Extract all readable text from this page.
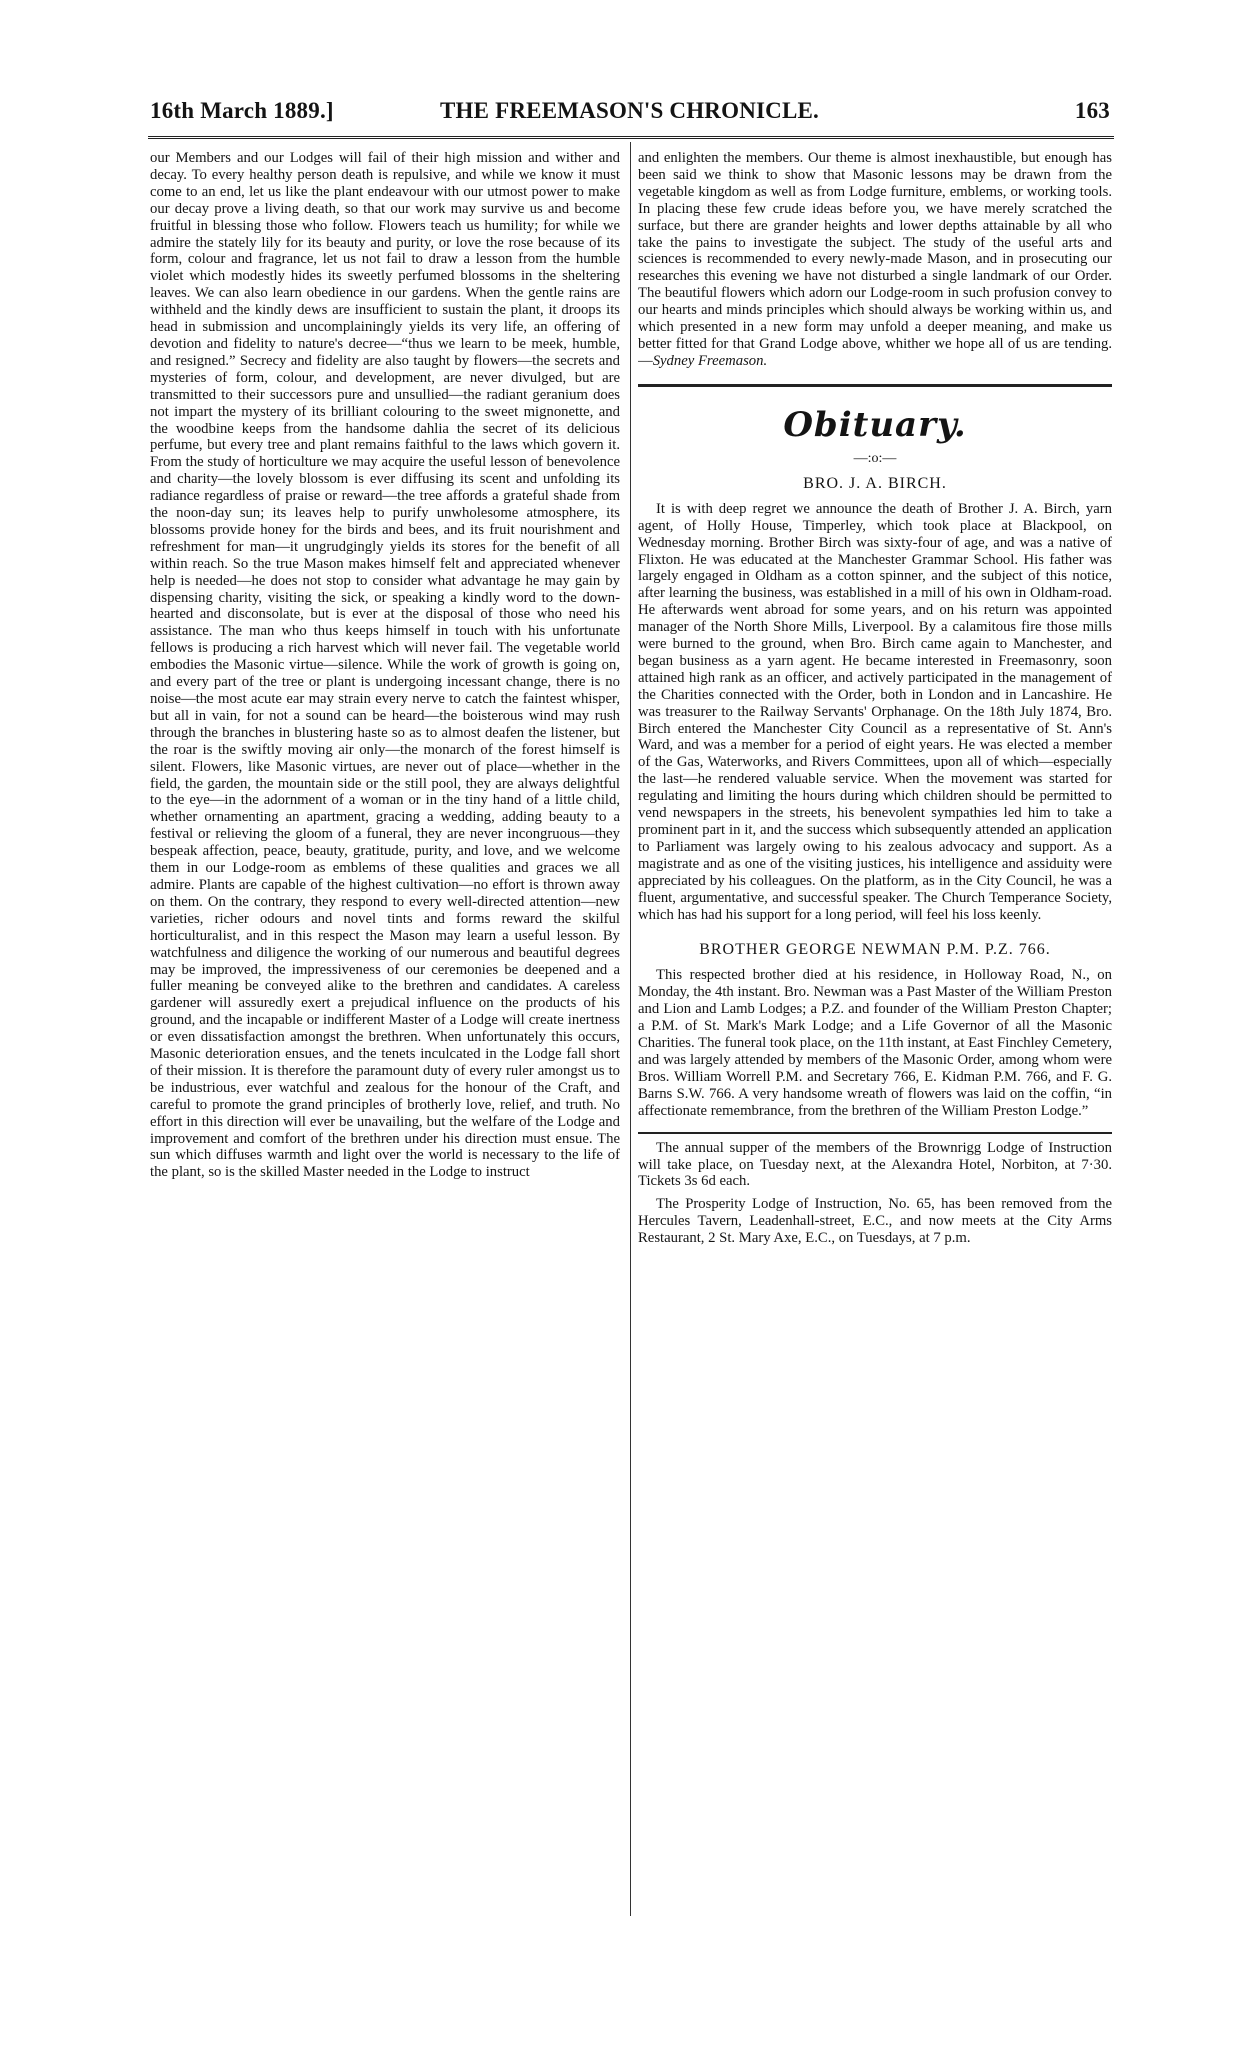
16th March 1889.]	THE FREEMASON'S CHRONICLE.	163

our Members and our Lodges will fail of their high mission and wither and decay. To every healthy person death is repulsive, and while we know it must come to an end, let us like the plant endeavour with our utmost power to make our decay prove a living death, so that our work may survive us and become fruitful in blessing those who follow. Flowers teach us humility; for while we admire the stately lily for its beauty and purity, or love the rose because of its form, colour and fragrance, let us not fail to draw a lesson from the humble violet which modestly hides its sweetly perfumed blossoms in the sheltering leaves. We can also learn obedience in our gardens. When the gentle rains are withheld and the kindly dews are insufficient to sustain the plant, it droops its head in submission and uncomplainingly yields its very life, an offering of devotion and fidelity to nature's decree—“thus we learn to be meek, humble, and resigned.” Secrecy and fidelity are also taught by flowers—the secrets and mysteries of form, colour, and development, are never divulged, but are transmitted to their successors pure and unsullied—the radiant geranium does not impart the mystery of its brilliant colouring to the sweet mignonette, and the woodbine keeps from the handsome dahlia the secret of its delicious perfume, but every tree and plant remains faithful to the laws which govern it. From the study of horticulture we may acquire the useful lesson of benevolence and charity—the lovely blossom is ever diffusing its scent and unfolding its radiance regardless of praise or reward—the tree affords a grateful shade from the noon-day sun; its leaves help to purify unwholesome atmosphere, its blossoms provide honey for the birds and bees, and its fruit nourishment and refreshment for man—it ungrudgingly yields its stores for the benefit of all within reach. So the true Mason makes himself felt and appreciated whenever help is needed—he does not stop to consider what advantage he may gain by dispensing charity, visiting the sick, or speaking a kindly word to the down-hearted and disconsolate, but is ever at the disposal of those who need his assistance. The man who thus keeps himself in touch with his unfortunate fellows is producing a rich harvest which will never fail. The vegetable world embodies the Masonic virtue—silence. While the work of growth is going on, and every part of the tree or plant is undergoing incessant change, there is no noise—the most acute ear may strain every nerve to catch the faintest whisper, but all in vain, for not a sound can be heard—the boisterous wind may rush through the branches in blustering haste so as to almost deafen the listener, but the roar is the swiftly moving air only—the monarch of the forest himself is silent. Flowers, like Masonic virtues, are never out of place—whether in the field, the garden, the mountain side or the still pool, they are always delightful to the eye—in the adornment of a woman or in the tiny hand of a little child, whether ornamenting an apartment, gracing a wedding, adding beauty to a festival or relieving the gloom of a funeral, they are never incongruous—they bespeak affection, peace, beauty, gratitude, purity, and love, and we welcome them in our Lodge-room as emblems of these qualities and graces we all admire. Plants are capable of the highest cultivation—no effort is thrown away on them. On the contrary, they respond to every well-directed attention—new varieties, richer odours and novel tints and forms reward the skilful horticulturalist, and in this respect the Mason may learn a useful lesson. By watchfulness and diligence the working of our numerous and beautiful degrees may be improved, the impressiveness of our ceremonies be deepened and a fuller meaning be conveyed alike to the brethren and candidates. A careless gardener will assuredly exert a prejudical influence on the products of his ground, and the incapable or indifferent Master of a Lodge will create inertness or even dissatisfaction amongst the brethren. When unfortunately this occurs, Masonic deterioration ensues, and the tenets inculcated in the Lodge fall short of their mission. It is therefore the paramount duty of every ruler amongst us to be industrious, ever watchful and zealous for the honour of the Craft, and careful to promote the grand principles of brotherly love, relief, and truth. No effort in this direction will ever be unavailing, but the welfare of the Lodge and improvement and comfort of the brethren under his direction must ensue. The sun which diffuses warmth and light over the world is necessary to the life of the plant, so is the skilled Master needed in the Lodge to instruct

and enlighten the members. Our theme is almost inexhaustible, but enough has been said we think to show that Masonic lessons may be drawn from the vegetable kingdom as well as from Lodge furniture, emblems, or working tools. In placing these few crude ideas before you, we have merely scratched the surface, but there are grander heights and lower depths attainable by all who take the pains to investigate the subject. The study of the useful arts and sciences is recommended to every newly-made Mason, and in prosecuting our researches this evening we have not disturbed a single landmark of our Order. The beautiful flowers which adorn our Lodge-room in such profusion convey to our hearts and minds principles which should always be working within us, and which presented in a new form may unfold a deeper meaning, and make us better fitted for that Grand Lodge above, whither we hope all of us are tending.—Sydney Freemason.

Obituary.
—:o:—
BRO. J. A. BIRCH.

It is with deep regret we announce the death of Brother J. A. Birch, yarn agent, of Holly House, Timperley, which took place at Blackpool, on Wednesday morning. Brother Birch was sixty-four of age, and was a native of Flixton. He was educated at the Manchester Grammar School. His father was largely engaged in Oldham as a cotton spinner, and the subject of this notice, after learning the business, was established in a mill of his own in Oldham-road. He afterwards went abroad for some years, and on his return was appointed manager of the North Shore Mills, Liverpool. By a calamitous fire those mills were burned to the ground, when Bro. Birch came again to Manchester, and began business as a yarn agent. He became interested in Freemasonry, soon attained high rank as an officer, and actively participated in the management of the Charities connected with the Order, both in London and in Lancashire. He was treasurer to the Railway Servants' Orphanage. On the 18th July 1874, Bro. Birch entered the Manchester City Council as a representative of St. Ann's Ward, and was a member for a period of eight years. He was elected a member of the Gas, Waterworks, and Rivers Committees, upon all of which—especially the last—he rendered valuable service. When the movement was started for regulating and limiting the hours during which children should be permitted to vend newspapers in the streets, his benevolent sympathies led him to take a prominent part in it, and the success which subsequently attended an application to Parliament was largely owing to his zealous advocacy and support. As a magistrate and as one of the visiting justices, his intelligence and assiduity were appreciated by his colleagues. On the platform, as in the City Council, he was a fluent, argumentative, and successful speaker. The Church Temperance Society, which has had his support for a long period, will feel his loss keenly.

BROTHER GEORGE NEWMAN P.M. P.Z. 766.

This respected brother died at his residence, in Holloway Road, N., on Monday, the 4th instant. Bro. Newman was a Past Master of the William Preston and Lion and Lamb Lodges; a P.Z. and founder of the William Preston Chapter; a P.M. of St. Mark's Mark Lodge; and a Life Governor of all the Masonic Charities. The funeral took place, on the 11th instant, at East Finchley Cemetery, and was largely attended by members of the Masonic Order, among whom were Bros. William Worrell P.M. and Secretary 766, E. Kidman P.M. 766, and F. G. Barns S.W. 766. A very handsome wreath of flowers was laid on the coffin, “in affectionate remembrance, from the brethren of the William Preston Lodge.”

The annual supper of the members of the Brownrigg Lodge of Instruction will take place, on Tuesday next, at the Alexandra Hotel, Norbiton, at 7·30. Tickets 3s 6d each.

The Prosperity Lodge of Instruction, No. 65, has been removed from the Hercules Tavern, Leadenhall-street, E.C., and now meets at the City Arms Restaurant, 2 St. Mary Axe, E.C., on Tuesdays, at 7 p.m.
